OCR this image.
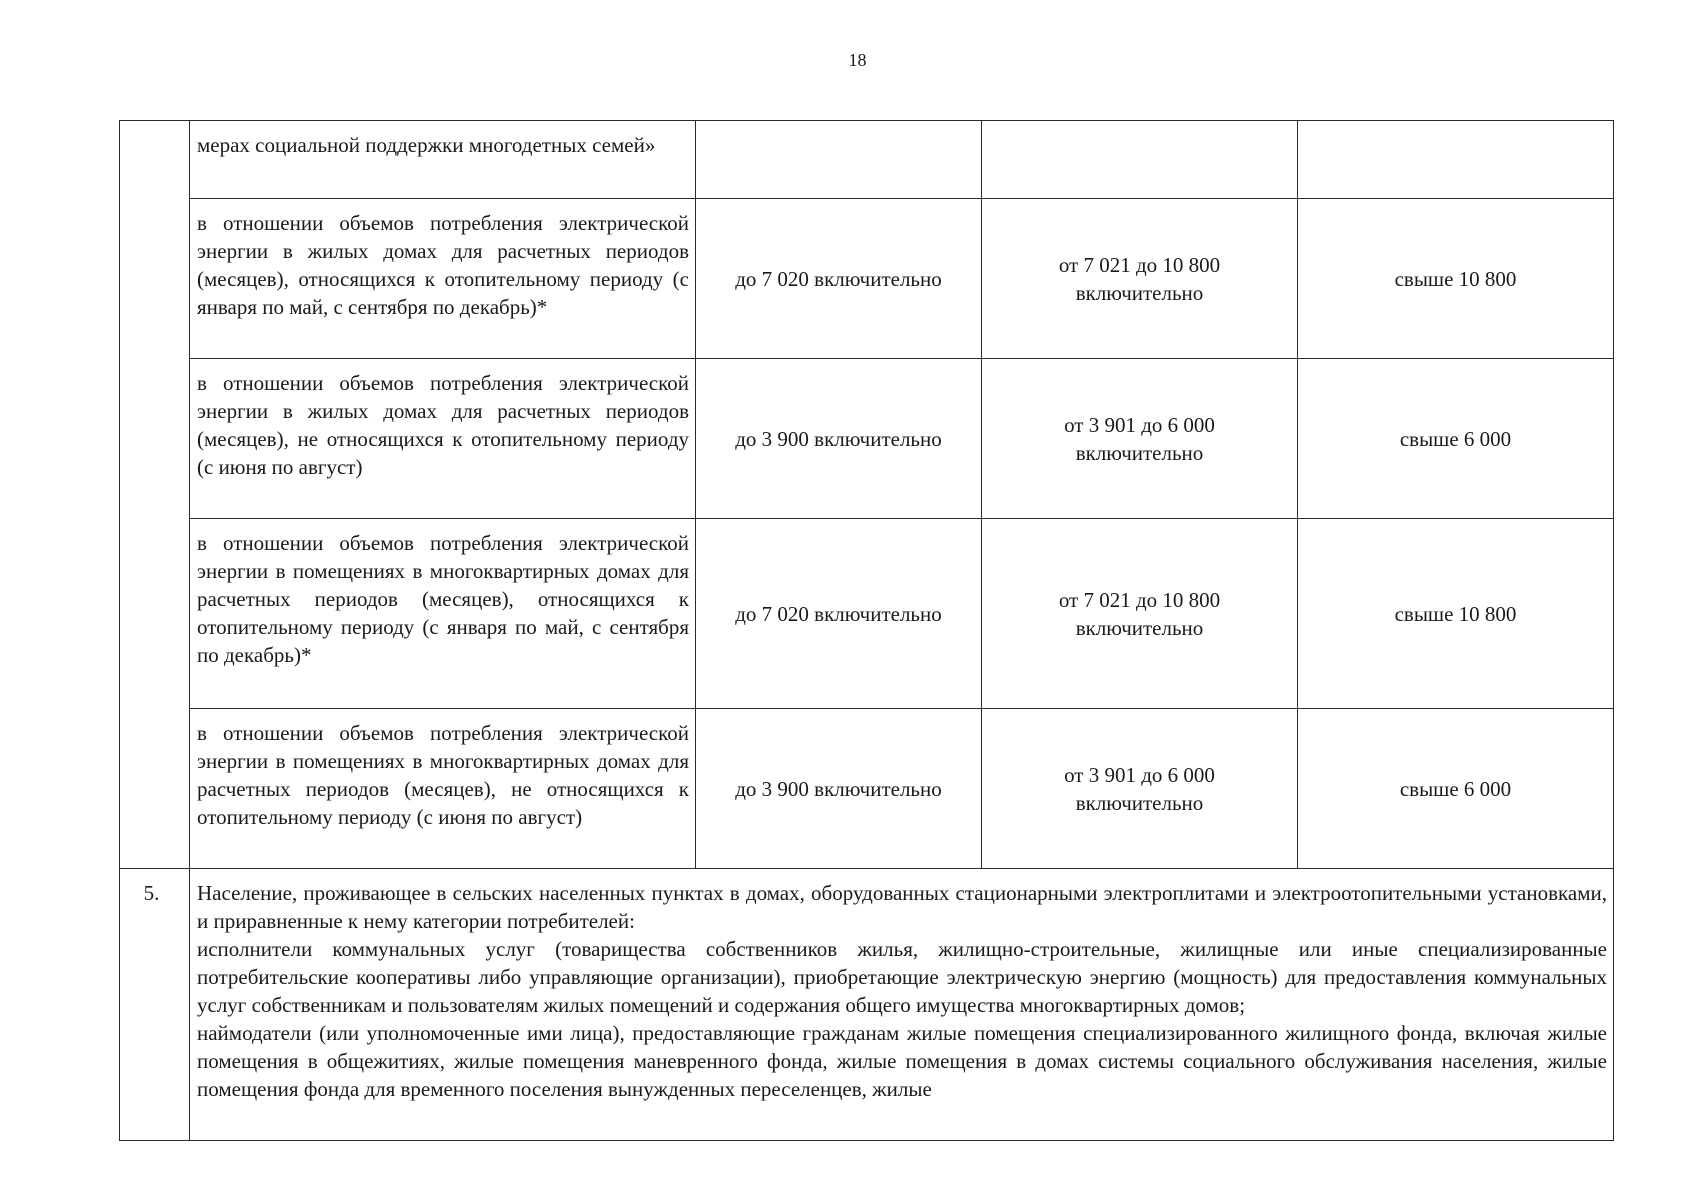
18

	мерах социальной поддержки многодетных семей»			

	в отношении объемов потребления электрической энергии в жилых домах для расчетных периодов (месяцев), относящихся к отопительному периоду (с января по май, с сентября по декабрь)*	до 7 020 включительно	от 7 021 до 10 800
включительно	свыше 10 800

	в отношении объемов потребления электрической энергии в жилых домах для расчетных периодов (месяцев), не относящихся к отопительному периоду (с июня по август)	до 3 900 включительно	от 3 901 до 6 000
включительно	свыше 6 000

	в отношении объемов потребления электрической энергии в помещениях в многоквартирных домах для расчетных периодов (месяцев), относящихся к отопительному периоду (с января по май, с сентября по декабрь)*	до 7 020 включительно	от 7 021 до 10 800
включительно	свыше 10 800

	в отношении объемов потребления электрической энергии в помещениях в многоквартирных домах для расчетных периодов (месяцев), не относящихся к отопительному периоду (с июня по август)	до 3 900 включительно	от 3 901 до 6 000
включительно	свыше 6 000
5.	Население, проживающее в сельских населенных пунктах в домах, оборудованных стационарными электроплитами и электроотопительными установками, и приравненные к нему категории потребителей:

исполнители коммунальных услуг (товарищества собственников жилья, жилищно-строительные, жилищные или иные специализированные потребительские кооперативы либо управляющие организации), приобретающие электрическую энергию (мощность) для предоставления коммунальных услуг собственникам и пользователям жилых помещений и содержания общего имущества многоквартирных домов;

наймодатели (или уполномоченные ими лица), предоставляющие гражданам жилые помещения специализированного жилищного фонда, включая жилые помещения в общежитиях, жилые помещения маневренного фонда, жилые помещения в домах системы социального обслуживания населения, жилые помещения фонда для временного поселения вынужденных переселенцев, жилые			
